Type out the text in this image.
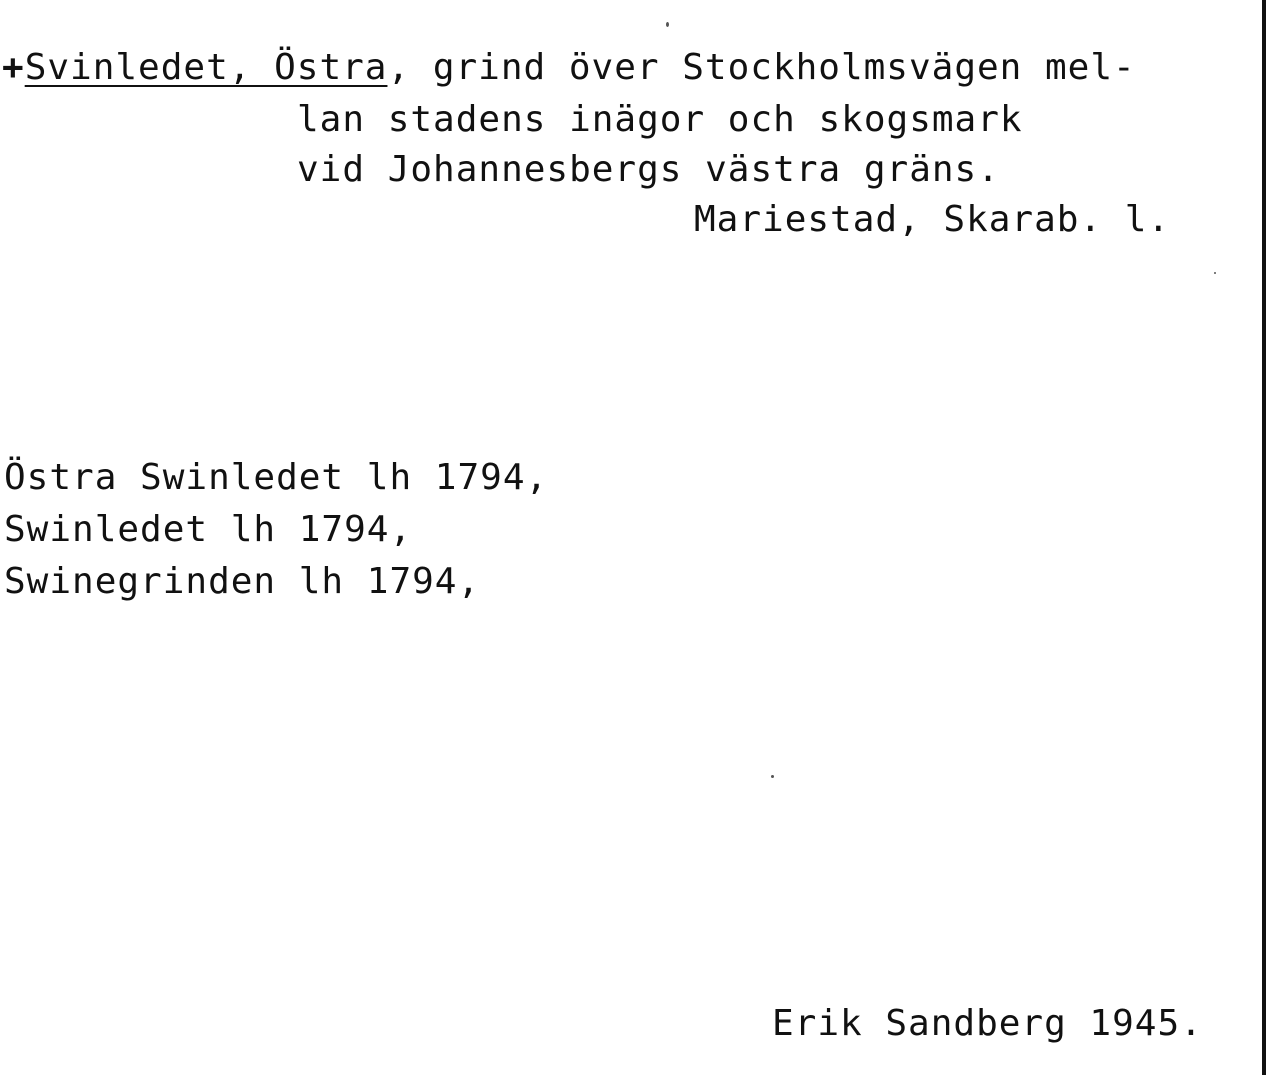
+Svinledet, Östra, grind över Stockholmsvägen mel-
lan stadens inägor och skogsmark
vid Johannesbergs västra gräns.
Mariestad, Skarab. l.
Östra Swinledet lh 1794,
Swinledet lh 1794,
Swinegrinden lh 1794,
Erik Sandberg 1945.
